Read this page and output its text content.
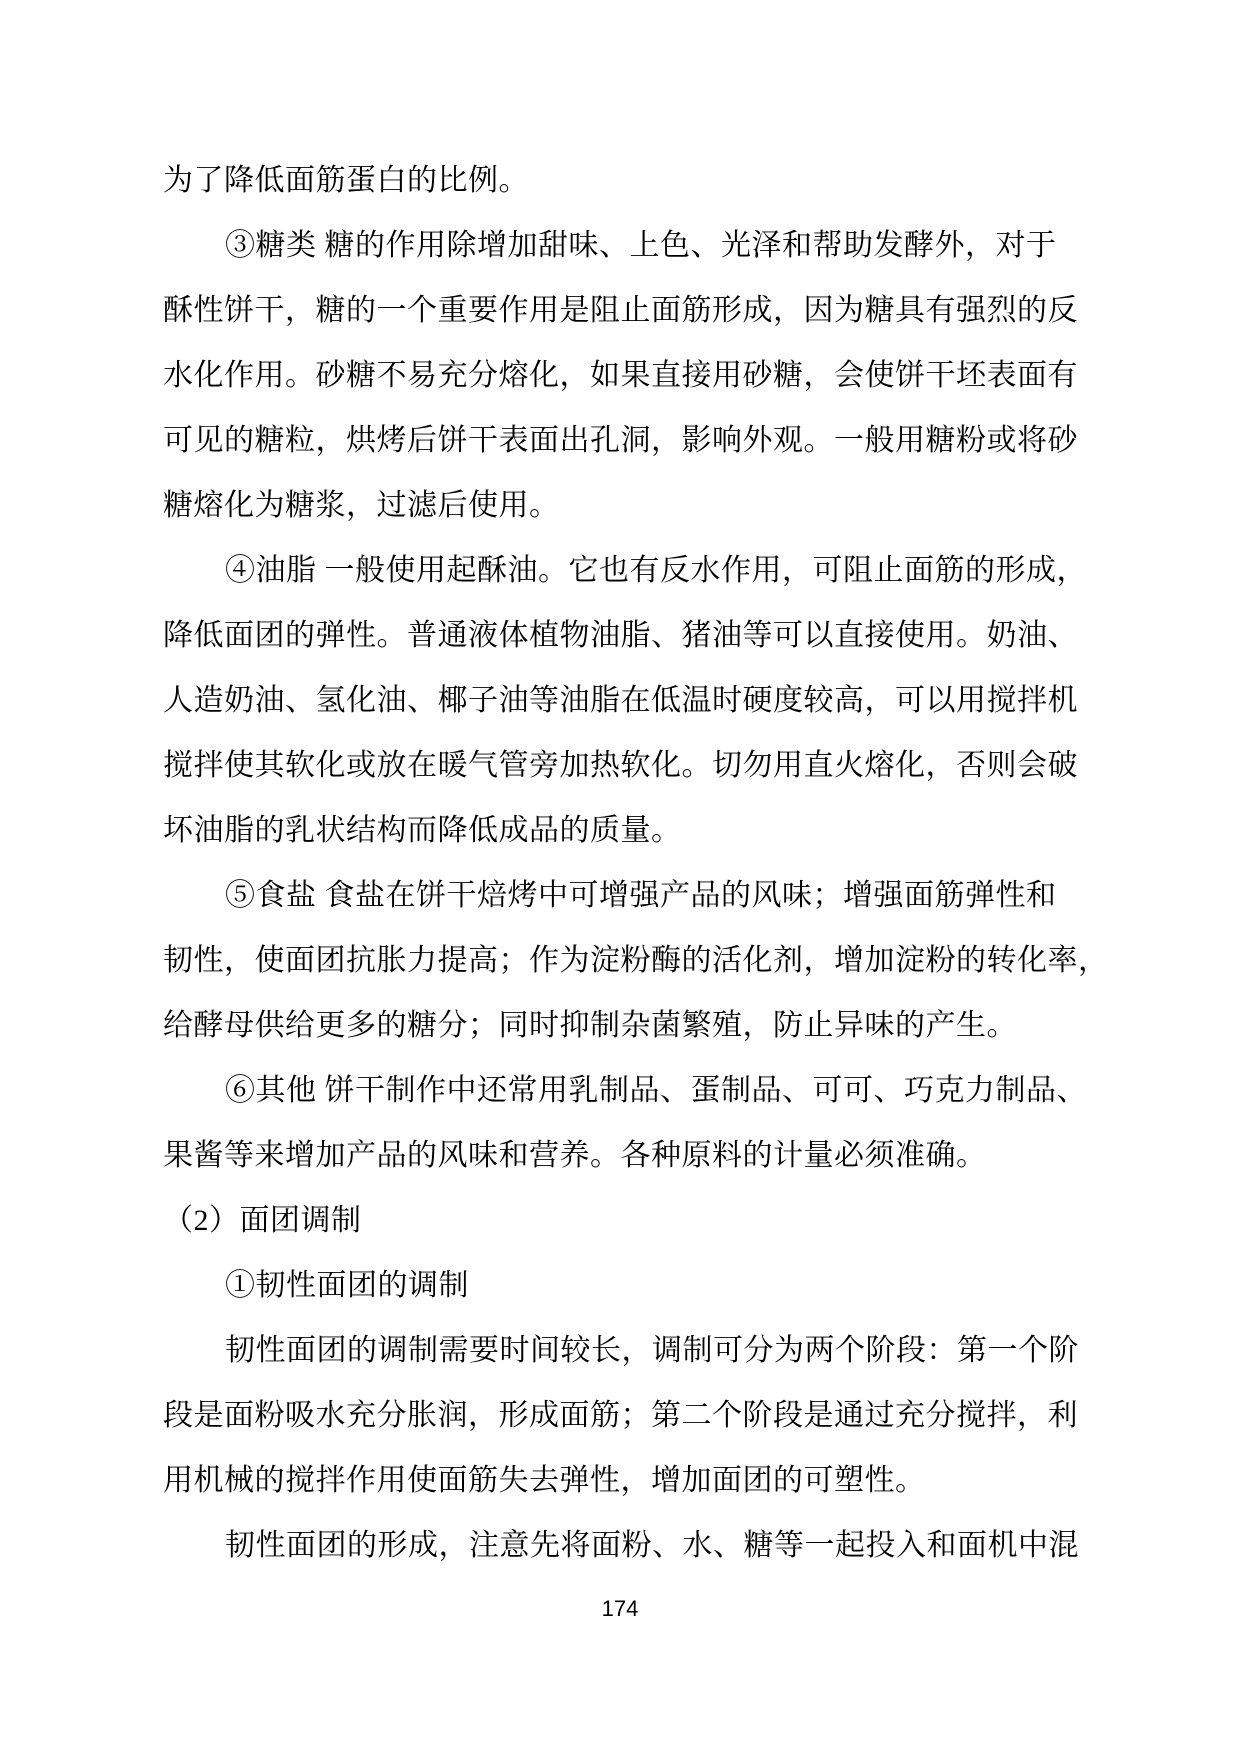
为了降低面筋蛋白的比例。

③糖类 糖的作用除增加甜味、上色、光泽和帮助发酵外，对于

酥性饼干，糖的一个重要作用是阻止面筋形成，因为糖具有强烈的反

水化作用。砂糖不易充分熔化，如果直接用砂糖，会使饼干坯表面有

可见的糖粒，烘烤后饼干表面出孔洞，影响外观。一般用糖粉或将砂

糖熔化为糖浆，过滤后使用。

④油脂 一般使用起酥油。它也有反水作用，可阻止面筋的形成，

降低面团的弹性。普通液体植物油脂、猪油等可以直接使用。奶油、

人造奶油、氢化油、椰子油等油脂在低温时硬度较高，可以用搅拌机

搅拌使其软化或放在暖气管旁加热软化。切勿用直火熔化，否则会破

坏油脂的乳状结构而降低成品的质量。

⑤食盐 食盐在饼干焙烤中可增强产品的风味；增强面筋弹性和

韧性，使面团抗胀力提高；作为淀粉酶的活化剂，增加淀粉的转化率，

给酵母供给更多的糖分；同时抑制杂菌繁殖，防止异味的产生。

⑥其他 饼干制作中还常用乳制品、蛋制品、可可、巧克力制品、

果酱等来增加产品的风味和营养。各种原料的计量必须准确。

（2）面团调制

①韧性面团的调制

韧性面团的调制需要时间较长，调制可分为两个阶段：第一个阶

段是面粉吸水充分胀润，形成面筋；第二个阶段是通过充分搅拌，利

用机械的搅拌作用使面筋失去弹性，增加面团的可塑性。

韧性面团的形成，注意先将面粉、水、糖等一起投入和面机中混

174
